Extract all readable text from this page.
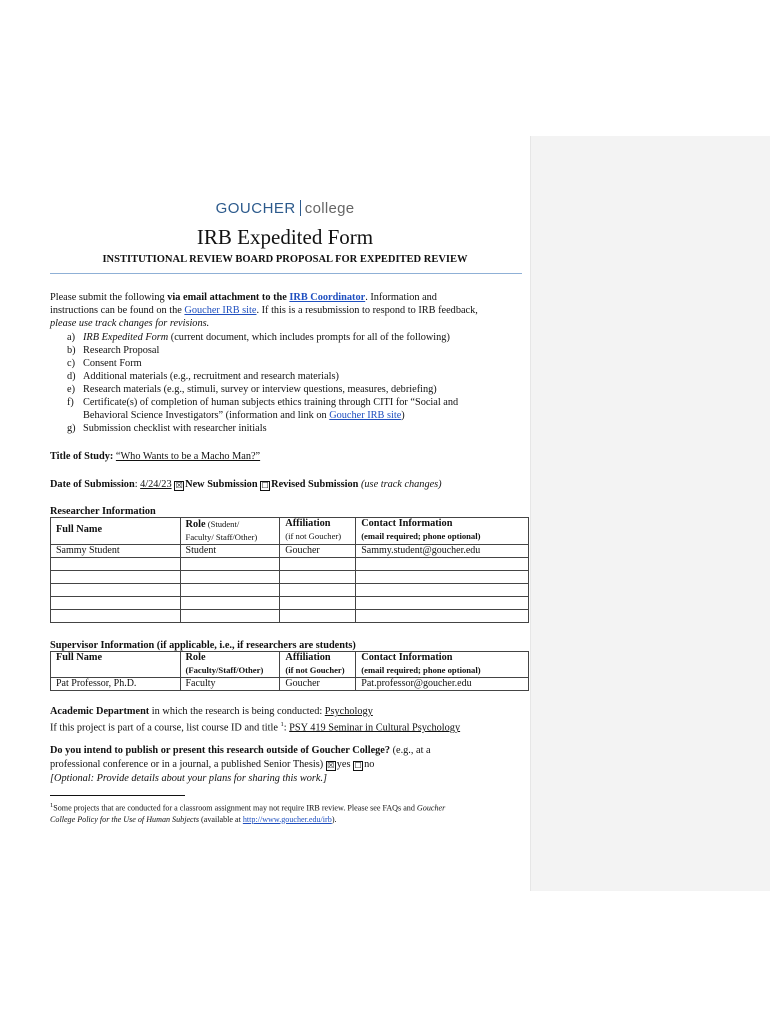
GOUCHER college
IRB Expedited Form
INSTITUTIONAL REVIEW BOARD PROPOSAL FOR EXPEDITED REVIEW
Please submit the following via email attachment to the IRB Coordinator. Information and
instructions can be found on the Goucher IRB site. If this is a resubmission to respond to IRB feedback,
please use track changes for revisions.
a) IRB Expedited Form (current document, which includes prompts for all of the following)
b) Research Proposal
c) Consent Form
d) Additional materials (e.g., recruitment and research materials)
e) Research materials (e.g., stimuli, survey or interview questions, measures, debriefing)
f) Certificate(s) of completion of human subjects ethics training through CITI for “Social and
Behavioral Science Investigators” (information and link on Goucher IRB site)
g) Submission checklist with researcher initials
Title of Study: “Who Wants to be a Macho Man?”
Date of Submission: 4/24/23 ☒ New Submission ☐ Revised Submission (use track changes)
Researcher Information
Full Name	Role (Student/
Faculty/ Staff/Other)	Affiliation
(if not Goucher)	Contact Information
(email required; phone optional)
Sammy Student	Student	Goucher	Sammy.student@goucher.edu

Supervisor Information (if applicable, i.e., if researchers are students)
Full Name	Role
(Faculty/Staff/Other)	Affiliation
(if not Goucher)	Contact Information
(email required; phone optional)
Pat Professor, Ph.D.	Faculty	Goucher	Pat.professor@goucher.edu
Academic Department in which the research is being conducted: Psychology
If this project is part of a course, list course ID and title $^1$: PSY 419 Seminar in Cultural Psychology
Do you intend to publish or present this research outside of Goucher College? (e.g., at a
professional conference or in a journal, a published Senior Thesis) ☒ yes ☐ no
[Optional: Provide details about your plans for sharing this work.]
$^1$Some projects that are conducted for a classroom assignment may not require IRB review. Please see FAQs and Goucher
College Policy for the Use of Human Subjects (available at http://www.goucher.edu/irb).
